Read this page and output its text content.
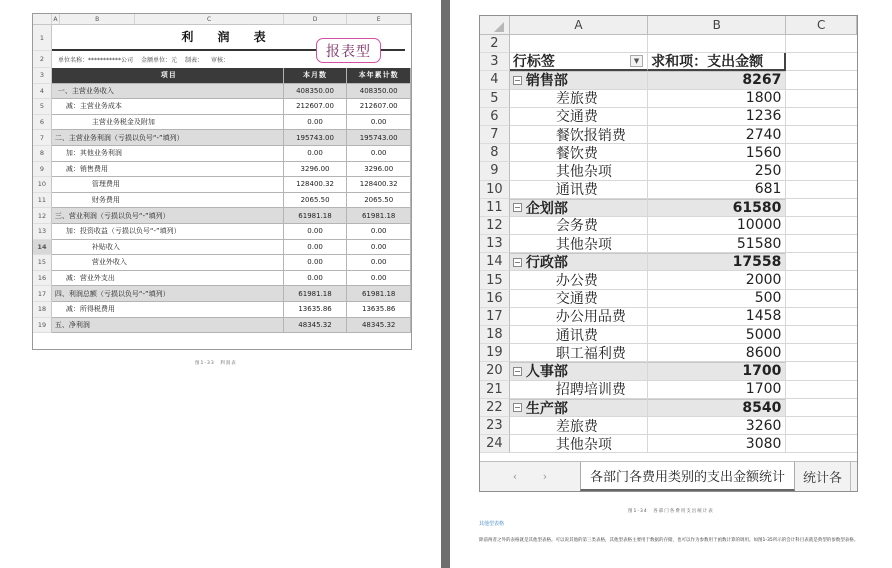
A	B	C	D	E
1	利 润 表
2	单位名称：***********公司 金额单位：元 制表： 审核：
3	项目	本月数	本年累计数
4	一、主营业务收入	408350.00	408350.00
5	减：主营业务成本	212607.00	212607.00
6	主营业务税金及附加	0.00	0.00
7	二、主营业务利润（亏损以负号“-”填列）	195743.00	195743.00
8	加：其他业务利润	0.00	0.00
9	减：销售费用	3296.00	3296.00
10	管理费用	128400.32	128400.32
11	财务费用	2065.50	2065.50
12	三、营业利润（亏损以负号“-”填列）	61981.18	61981.18
13	加：投资收益（亏损以负号“-”填列）	0.00	0.00
14	补贴收入	0.00	0.00
15	营业外收入	0.00	0.00
16	减：营业外支出	0.00	0.00
17	四、利润总额（亏损以负号“-”填列）	61981.18	61981.18
18	减：所得税费用	13635.86	13635.86
19	五、净利润	48345.32	48345.32
报表型
图1-33　利润表
A	B	C
2
3	行标签	▼ 求和项：支出金额
4	− 销售部	8267
5	差旅费	1800
6	交通费	1236
7	餐饮报销费	2740
8	餐饮费	1560
9	其他杂项	250
10	通讯费	681
11	− 企划部	61580
12	会务费	10000
13	其他杂项	51580
14	− 行政部	17558
15	办公费	2000
16	交通费	500
17	办公用品费	1458
18	通讯费	5000
19	职工福利费	8600
20	− 人事部	1700
21	招聘培训费	1700
22	− 生产部	8540
23	差旅费	3260
24	其他杂项	3080
‹ ›	各部门各费用类别的支出金额统计	统计各
图1-34　各部门各费用支出统计表
其他型表格
除前两者之外的表格就是其他型表格。可以说其他的第三类表格，其他型表格主要用于数据的存储，也可以作为参数用于函数计算的调用。如图1-35所示的会计科目表就是典型的参数型表格。
